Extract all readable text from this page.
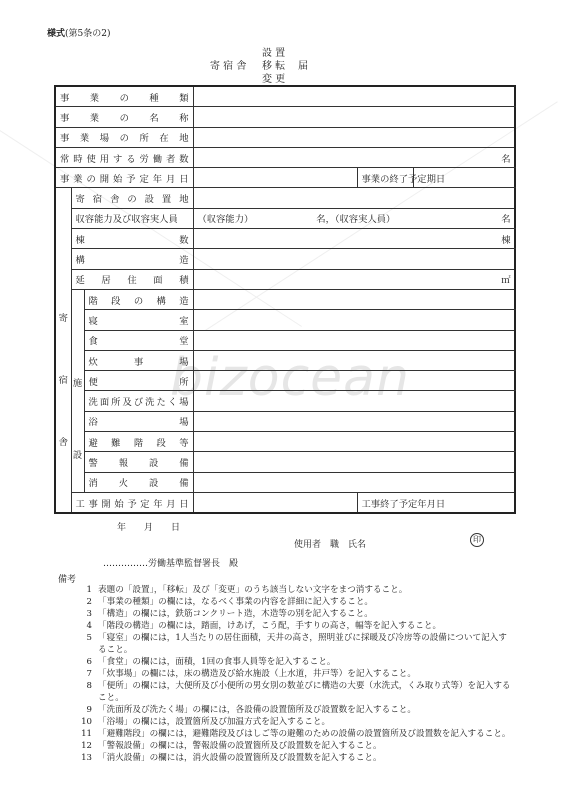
bizocean
様式(第5条の2)
寄 宿 舎
設 置
移 転
変 更
届
事　業　の　種　類						
事　業　の　名　称						
事 業 場 の 所 在 地						
常時使用する労働者数			名			
事業の開始予定年月日				事業の終了予定期日		

寄
宿
舎	寄 宿 舎 の 設 置 地					
	収容能力及び収容実人員		（収容能力） 名，（収容実人員） 名			

	棟　　　　　　　　数		棟			
	構　　　　　　　　造					
	延　居　住　面　積		㎡			

	施
設	階 段 の 構 造				
		寝　　　　　室				
		食　　　　　堂				
		炊　　事　　場				
		便　　　　　所				
		洗面所及び洗たく場				
		浴　　　　　場				
		避 難 階 段 等				
		警　報　設　備				
		消　火　設　備				
	工事開始予定年月日			工事終了予定年月日		
年　　月　　日
使用者　職　氏名
印
……………労働基準監督署長　殿
備考
1 表題の「設置」，「移転」及び「変更」のうち該当しない文字をまつ消すること。
2 「事業の種類」の欄には，なるべく事業の内容を詳細に記入すること。
3 「構造」の欄には，鉄筋コンクリート造，木造等の別を記入すること。
4 「階段の構造」の欄には，踏面，けあげ，こう配，手すりの高さ，幅等を記入すること。
5 「寝室」の欄には，1人当たりの居住面積，天井の高さ，照明並びに採暖及び冷房等の設備について記入すること。
6 「食堂」の欄には，面積，1回の食事人員等を記入すること。
7 「炊事場」の欄には，床の構造及び給水施設（上水道，井戸等）を記入すること。
8 「便所」の欄には，大便所及び小便所の男女別の数並びに構造の大要（水洗式，くみ取り式等）を記入すること。
9 「洗面所及び洗たく場」の欄には，各設備の設置箇所及び設置数を記入すること。
10 「浴場」の欄には，設置箇所及び加温方式を記入すること。
11 「避難階段」の欄には，避難階段及びはしご等の避難のための設備の設置箇所及び設置数を記入すること。
12 「警報設備」の欄には，警報設備の設置箇所及び設置数を記入すること。
13 「消火設備」の欄には，消火設備の設置箇所及び設置数を記入すること。
